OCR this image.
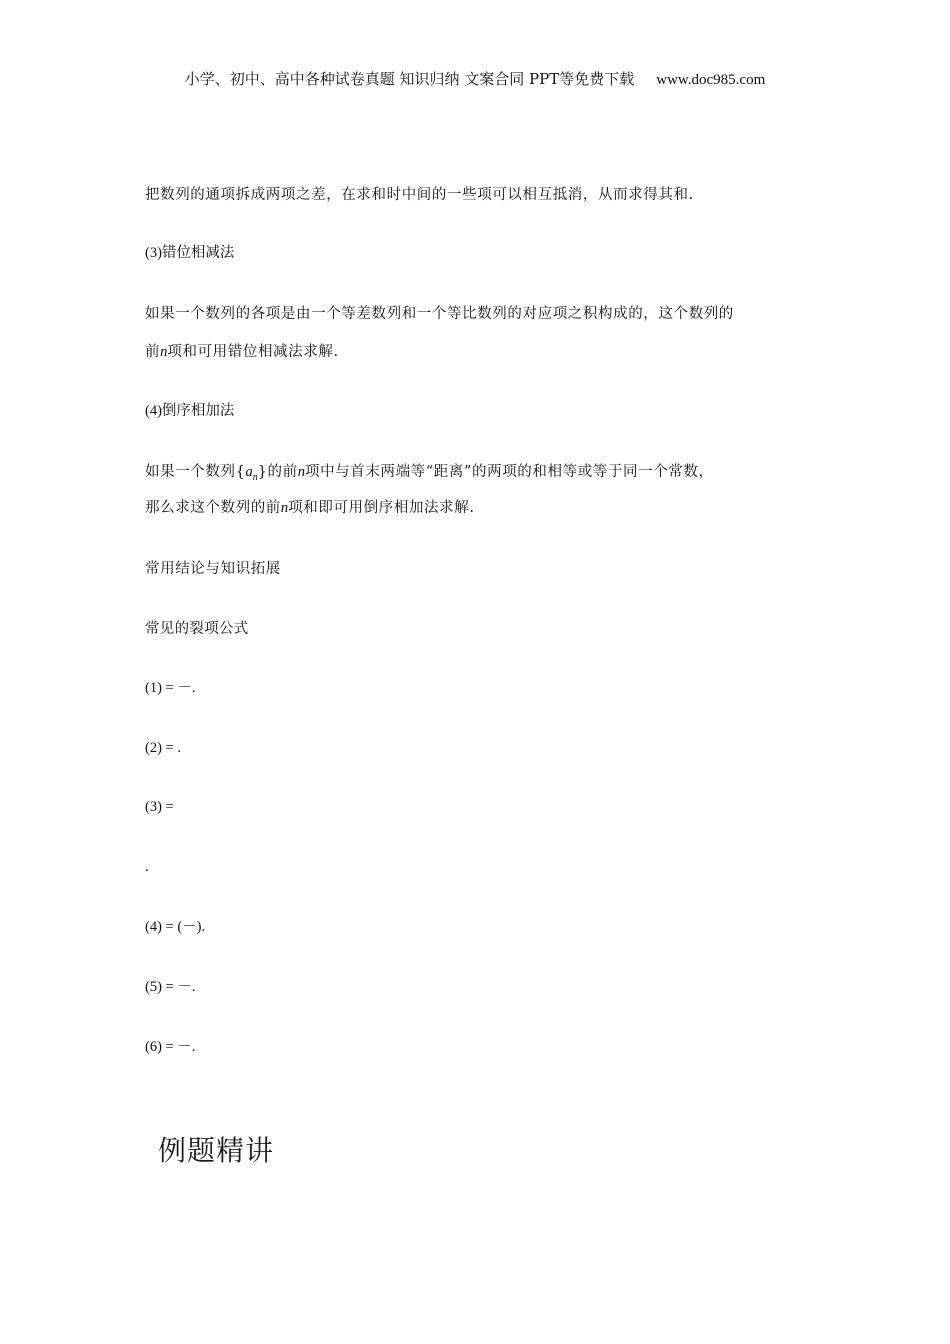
小学、初中、高中各种试卷真题 知识归纳 文案合同 PPT等免费下载 www.doc985.com
把数列的通项拆成两项之差，在求和时中间的一些项可以相互抵消，从而求得其和.
(3)错位相减法
如果一个数列的各项是由一个等差数列和一个等比数列的对应项之积构成的，这个数列的
前n项和可用错位相减法求解.
(4)倒序相加法
如果一个数列$\{a_n\}$的前n项中与首末两端等“距离”的两项的和相等或等于同一个常数，
那么求这个数列的前n项和即可用倒序相加法求解.
常用结论与知识拓展
常见的裂项公式
(1) = －.
(2) = .
(3) =
.
(4) = (－).
(5) = －.
(6) = －.
例题精讲
